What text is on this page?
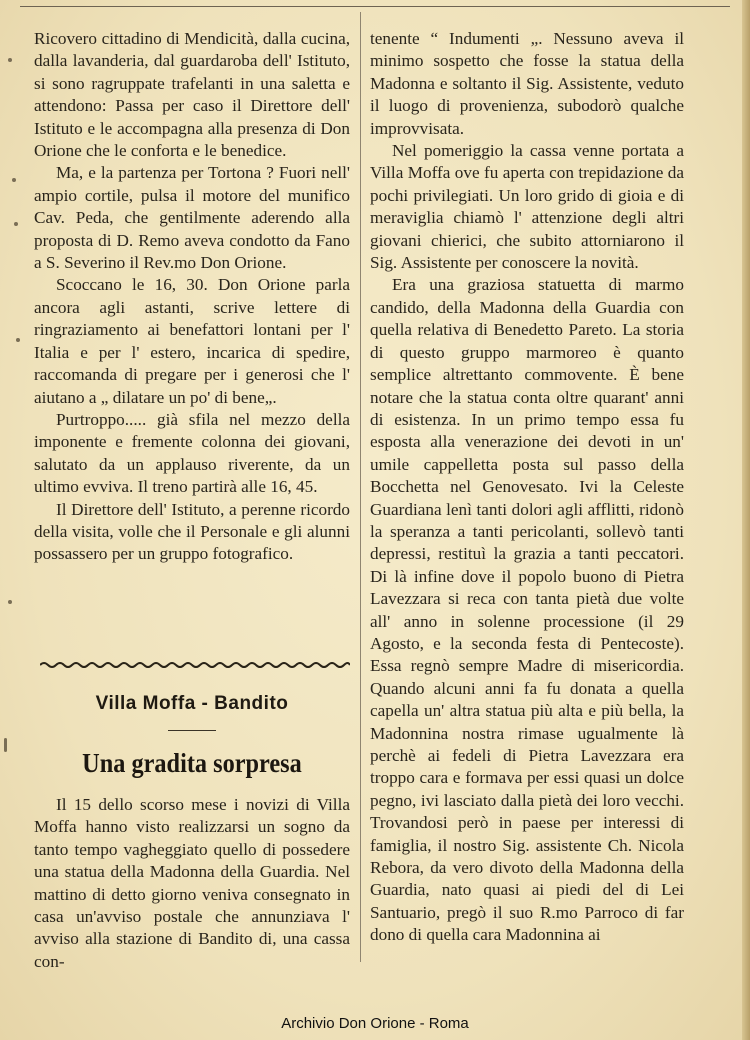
Ricovero cittadino di Mendicità, dalla cucina, dalla lavanderia, dal guardaroba dell' Istituto, si sono ragruppate trafelanti in una saletta e attendono: Passa per caso il Direttore dell' Istituto e le accompagna alla presenza di Don Orione che le conforta e le benedice.

Ma, e la partenza per Tortona ? Fuori nell' ampio cortile, pulsa il motore del munifico Cav. Peda, che gentilmente aderendo alla proposta di D. Remo aveva condotto da Fano a S. Severino il Rev.mo Don Orione.

Scoccano le 16, 30. Don Orione parla ancora agli astanti, scrive lettere di ringraziamento ai benefattori lontani per l' Italia e per l' estero, incarica di spedire, raccomanda di pregare per i generosi che l' aiutano a „ dilatare un po' di bene„.

Purtroppo..... già sfila nel mezzo della imponente e fremente colonna dei giovani, salutato da un applauso riverente, da un ultimo evviva. Il treno partirà alle 16, 45.

Il Direttore dell' Istituto, a perenne ricordo della visita, volle che il Personale e gli alunni possassero per un gruppo fotografico.

Villa Moffa - Bandito
Una gradita sorpresa

Il 15 dello scorso mese i novizi di Villa Moffa hanno visto realizzarsi un sogno da tanto tempo vagheggiato quello di possedere una statua della Madonna della Guardia. Nel mattino di detto giorno veniva consegnato in casa un'avviso postale che annunziava l' avviso alla stazione di Bandito di, una cassa con-

tenente “ Indumenti „. Nessuno aveva il minimo sospetto che fosse la statua della Madonna e soltanto il Sig. Assistente, veduto il luogo di provenienza, subodorò qualche improvvisata.

Nel pomeriggio la cassa venne portata a Villa Moffa ove fu aperta con trepidazione da pochi privilegiati. Un loro grido di gioia e di meraviglia chiamò l' attenzione degli altri giovani chierici, che subito attorniarono il Sig. Assistente per conoscere la novità.

Era una graziosa statuetta di marmo candido, della Madonna della Guardia con quella relativa di Benedetto Pareto. La storia di questo gruppo marmoreo è quanto semplice altrettanto commovente. È bene notare che la statua conta oltre quarant' anni di esistenza. In un primo tempo essa fu esposta alla venerazione dei devoti in un' umile cappelletta posta sul passo della Bocchetta nel Genovesato. Ivi la Celeste Guardiana lenì tanti dolori agli afflitti, ridonò la speranza a tanti pericolanti, sollevò tanti depressi, restituì la grazia a tanti peccatori. Di là infine dove il popolo buono di Pietra Lavezzara si reca con tanta pietà due volte all' anno in solenne processione (il 29 Agosto, e la seconda festa di Pentecoste). Essa regnò sempre Madre di misericordia. Quando alcuni anni fa fu donata a quella capella un' altra statua più alta e più bella, la Madonnina nostra rimase ugualmente là perchè ai fedeli di Pietra Lavezzara era troppo cara e formava per essi quasi un dolce pegno, ivi lasciato dalla pietà dei loro vecchi. Trovandosi però in paese per interessi di famiglia, il nostro Sig. assistente Ch. Nicola Rebora, da vero divoto della Madonna della Guardia, nato quasi ai piedi del di Lei Santuario, pregò il suo R.mo Parroco di far dono di quella cara Madonnina ai

Archivio Don Orione - Roma
